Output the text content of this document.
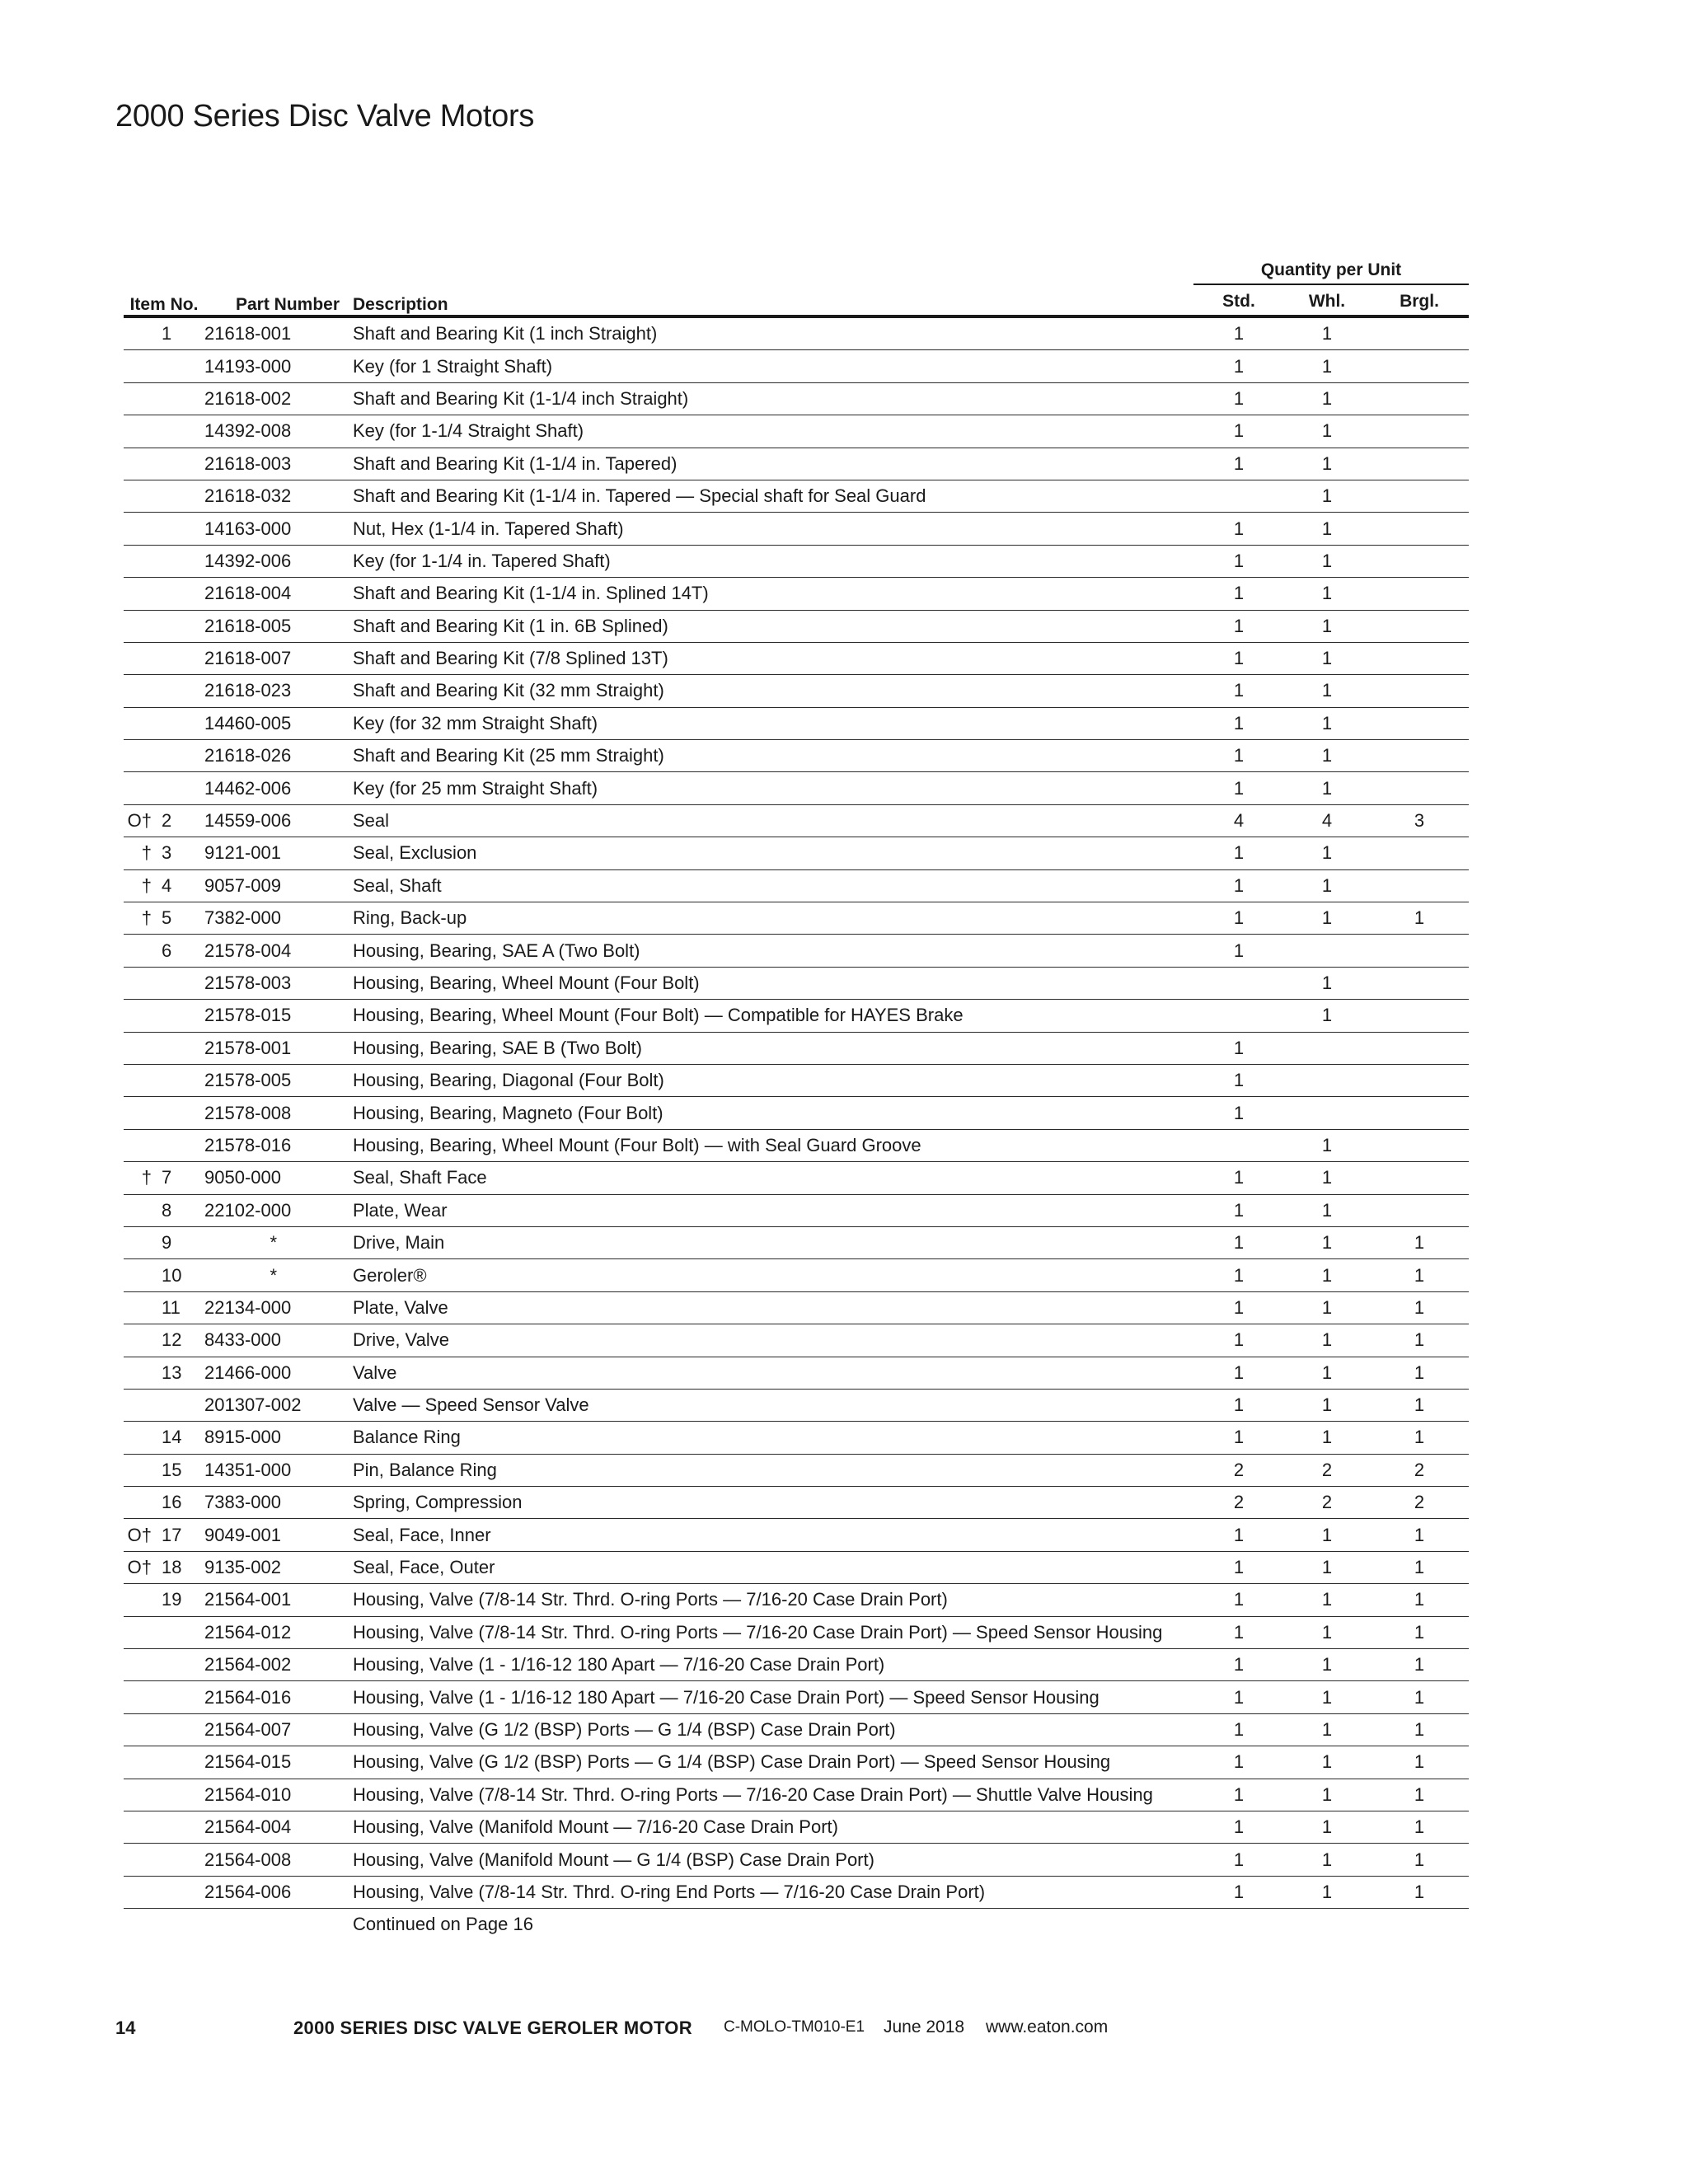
2000 Series Disc Valve Motors
Item No.		Part Number	Description	Quantity per Unit		
				Std.	Whl.	Brgl.

	1	21618-001	Shaft and Bearing Kit (1 inch Straight)	1	1	
		14193-000	Key (for 1 Straight Shaft)	1	1	
		21618-002	Shaft and Bearing Kit (1-1/4 inch Straight)	1	1	
		14392-008	Key (for 1-1/4 Straight Shaft)	1	1	
		21618-003	Shaft and Bearing Kit (1-1/4 in. Tapered)	1	1	
		21618-032	Shaft and Bearing Kit (1-1/4 in. Tapered — Special shaft for Seal Guard		1	
		14163-000	Nut, Hex (1-1/4 in. Tapered Shaft)	1	1	
		14392-006	Key (for 1-1/4 in. Tapered Shaft)	1	1	
		21618-004	Shaft and Bearing Kit (1-1/4 in. Splined 14T)	1	1	
		21618-005	Shaft and Bearing Kit (1 in. 6B Splined)	1	1	
		21618-007	Shaft and Bearing Kit (7/8 Splined 13T)	1	1	
		21618-023	Shaft and Bearing Kit (32 mm Straight)	1	1	
		14460-005	Key (for 32 mm Straight Shaft)	1	1	
		21618-026	Shaft and Bearing Kit (25 mm Straight)	1	1	
		14462-006	Key (for 25 mm Straight Shaft)	1	1	
O†	2	14559-006	Seal	4	4	3
†	3	9121-001	Seal, Exclusion	1	1	
†	4	9057-009	Seal, Shaft	1	1	
†	5	7382-000	Ring, Back-up	1	1	1
	6	21578-004	Housing, Bearing, SAE A (Two Bolt)	1		
		21578-003	Housing, Bearing, Wheel Mount (Four Bolt)		1	
		21578-015	Housing, Bearing, Wheel Mount (Four Bolt) — Compatible for HAYES Brake		1	
		21578-001	Housing, Bearing, SAE B (Two Bolt)	1		
		21578-005	Housing, Bearing, Diagonal (Four Bolt)	1		
		21578-008	Housing, Bearing, Magneto (Four Bolt)	1		
		21578-016	Housing, Bearing, Wheel Mount (Four Bolt) — with Seal Guard Groove		1	
†	7	9050-000	Seal, Shaft Face	1	1	
	8	22102-000	Plate, Wear	1	1	
	9	*	Drive, Main	1	1	1
	10	*	Geroler®	1	1	1
	11	22134-000	Plate, Valve	1	1	1
	12	8433-000	Drive, Valve	1	1	1
	13	21466-000	Valve	1	1	1
		201307-002	Valve — Speed Sensor Valve	1	1	1
	14	8915-000	Balance Ring	1	1	1
	15	14351-000	Pin, Balance Ring	2	2	2
	16	7383-000	Spring, Compression	2	2	2
O†	17	9049-001	Seal, Face, Inner	1	1	1
O†	18	9135-002	Seal, Face, Outer	1	1	1
	19	21564-001	Housing, Valve (7/8-14 Str. Thrd. O-ring Ports — 7/16-20 Case Drain Port)	1	1	1
		21564-012	Housing, Valve (7/8-14 Str. Thrd. O-ring Ports — 7/16-20 Case Drain Port) — Speed Sensor Housing	1	1	1
		21564-002	Housing, Valve (1 - 1/16-12 180 Apart — 7/16-20 Case Drain Port)	1	1	1
		21564-016	Housing, Valve (1 - 1/16-12 180 Apart — 7/16-20 Case Drain Port) — Speed Sensor Housing	1	1	1
		21564-007	Housing, Valve (G 1/2 (BSP) Ports — G 1/4 (BSP) Case Drain Port)	1	1	1
		21564-015	Housing, Valve (G 1/2 (BSP) Ports — G 1/4 (BSP) Case Drain Port) — Speed Sensor Housing	1	1	1
		21564-010	Housing, Valve (7/8-14 Str. Thrd. O-ring Ports — 7/16-20 Case Drain Port) — Shuttle Valve Housing	1	1	1
		21564-004	Housing, Valve (Manifold Mount — 7/16-20 Case Drain Port)	1	1	1
		21564-008	Housing, Valve (Manifold Mount — G 1/4 (BSP) Case Drain Port)	1	1	1
		21564-006	Housing, Valve (7/8-14 Str. Thrd. O-ring End Ports — 7/16-20 Case Drain Port)	1	1	1
			Continued on Page 16			
14	2000 SERIES DISC VALVE GEROLER MOTOR C-MOLO-TM010-E1 June 2018 www.eaton.com
